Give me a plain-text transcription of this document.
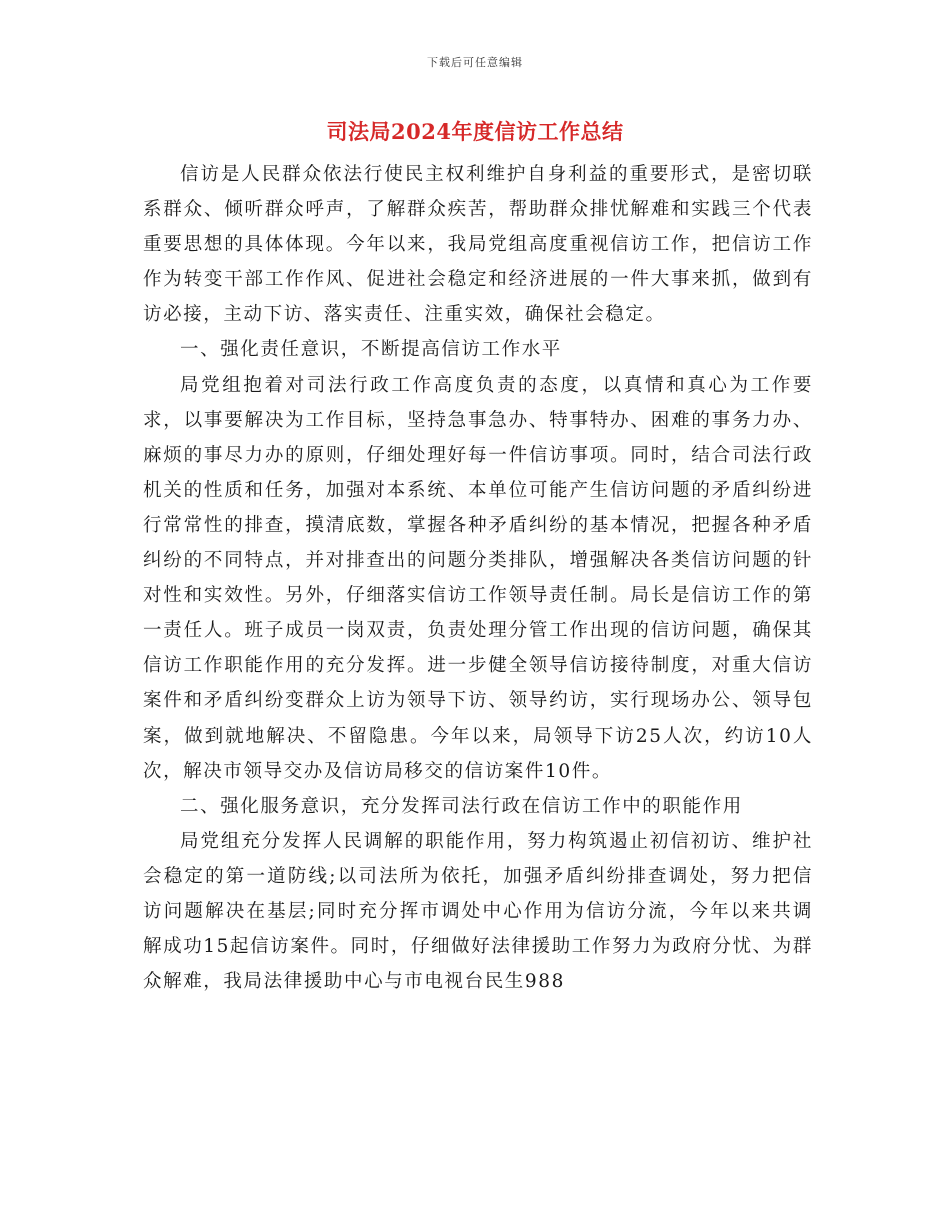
下载后可任意编辑
司法局2024年度信访工作总结

信访是人民群众依法行使民主权利维护自身利益的重要形式，是密切联系群众、倾听群众呼声，了解群众疾苦，帮助群众排忧解难和实践三个代表重要思想的具体体现。今年以来，我局党组高度重视信访工作，把信访工作作为转变干部工作作风、促进社会稳定和经济进展的一件大事来抓，做到有访必接，主动下访、落实责任、注重实效，确保社会稳定。

一、强化责任意识，不断提高信访工作水平

局党组抱着对司法行政工作高度负责的态度，以真情和真心为工作要求，以事要解决为工作目标，坚持急事急办、特事特办、困难的事务力办、麻烦的事尽力办的原则，仔细处理好每一件信访事项。同时，结合司法行政机关的性质和任务，加强对本系统、本单位可能产生信访问题的矛盾纠纷进行常常性的排查，摸清底数，掌握各种矛盾纠纷的基本情况，把握各种矛盾纠纷的不同特点，并对排查出的问题分类排队，增强解决各类信访问题的针对性和实效性。另外，仔细落实信访工作领导责任制。局长是信访工作的第一责任人。班子成员一岗双责，负责处理分管工作出现的信访问题，确保其信访工作职能作用的充分发挥。进一步健全领导信访接待制度，对重大信访案件和矛盾纠纷变群众上访为领导下访、领导约访，实行现场办公、领导包案，做到就地解决、不留隐患。今年以来，局领导下访25人次，约访10人次，解决市领导交办及信访局移交的信访案件10件。

二、强化服务意识，充分发挥司法行政在信访工作中的职能作用

局党组充分发挥人民调解的职能作用，努力构筑遏止初信初访、维护社会稳定的第一道防线;以司法所为依托，加强矛盾纠纷排查调处，努力把信访问题解决在基层;同时充分挥市调处中心作用为信访分流，今年以来共调解成功15起信访案件。同时，仔细做好法律援助工作努力为政府分忧、为群众解难，我局法律援助中心与市电视台民生988
